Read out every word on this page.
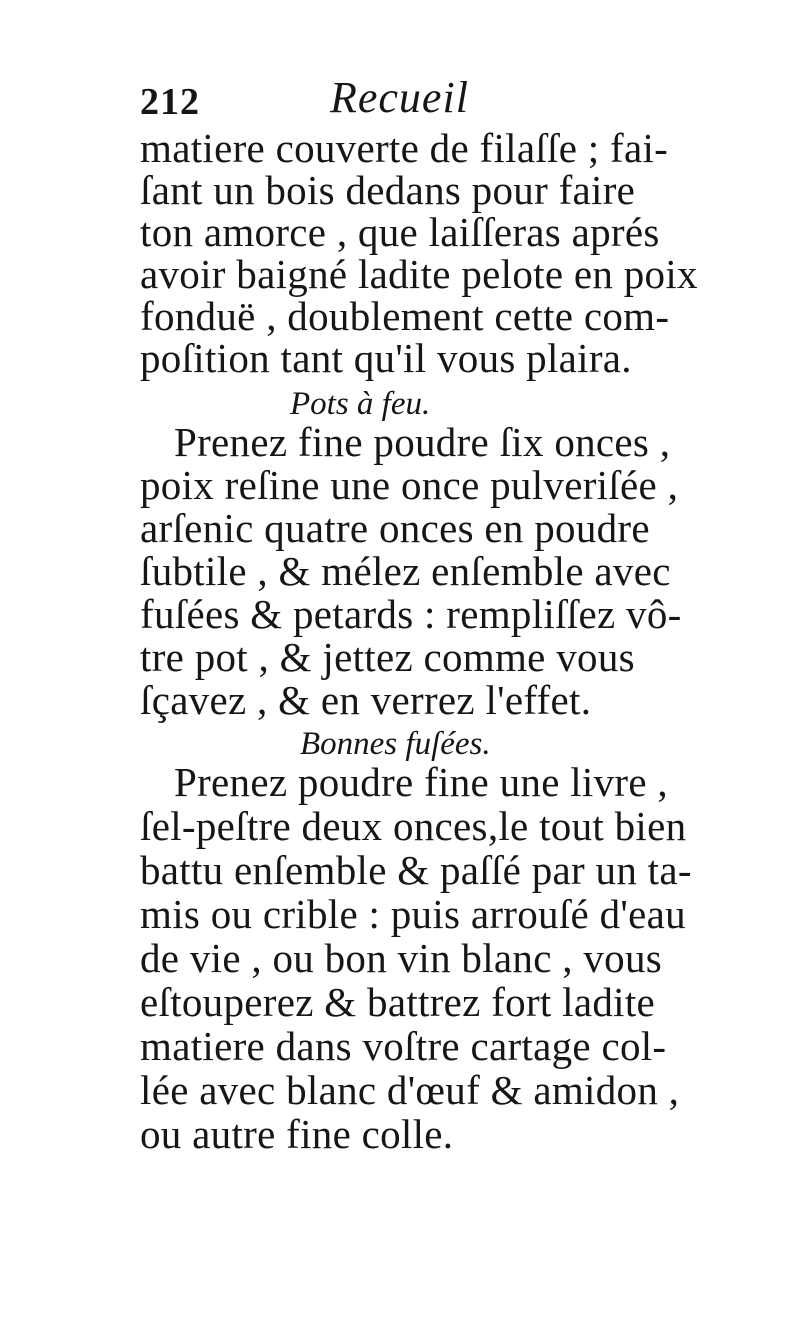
212	Recueil
matiere couverte de filaſſe ; fai-
ſant un bois dedans pour faire
ton amorce , que laiſſeras aprés
avoir baigné ladite pelote en poix
fonduë , doublement cette com-
poſition tant qu'il vous plaira.
Pots à feu.
Prenez fine poudre ſix onces ,
poix reſine une once pulveriſée ,
arſenic quatre onces en poudre
ſubtile , & mélez enſemble avec
fuſées & petards : rempliſſez vô-
tre pot , & jettez comme vous
ſçavez , & en verrez l'effet.
Bonnes fuſées.
Prenez poudre fine une livre ,
ſel-peſtre deux onces,le tout bien
battu enſemble & paſſé par un ta-
mis ou crible : puis arrouſé d'eau
de vie , ou bon vin blanc , vous
eſtouperez & battrez fort ladite
matiere dans voſtre cartage col-
lée avec blanc d'œuf & amidon ,
ou autre fine colle.
